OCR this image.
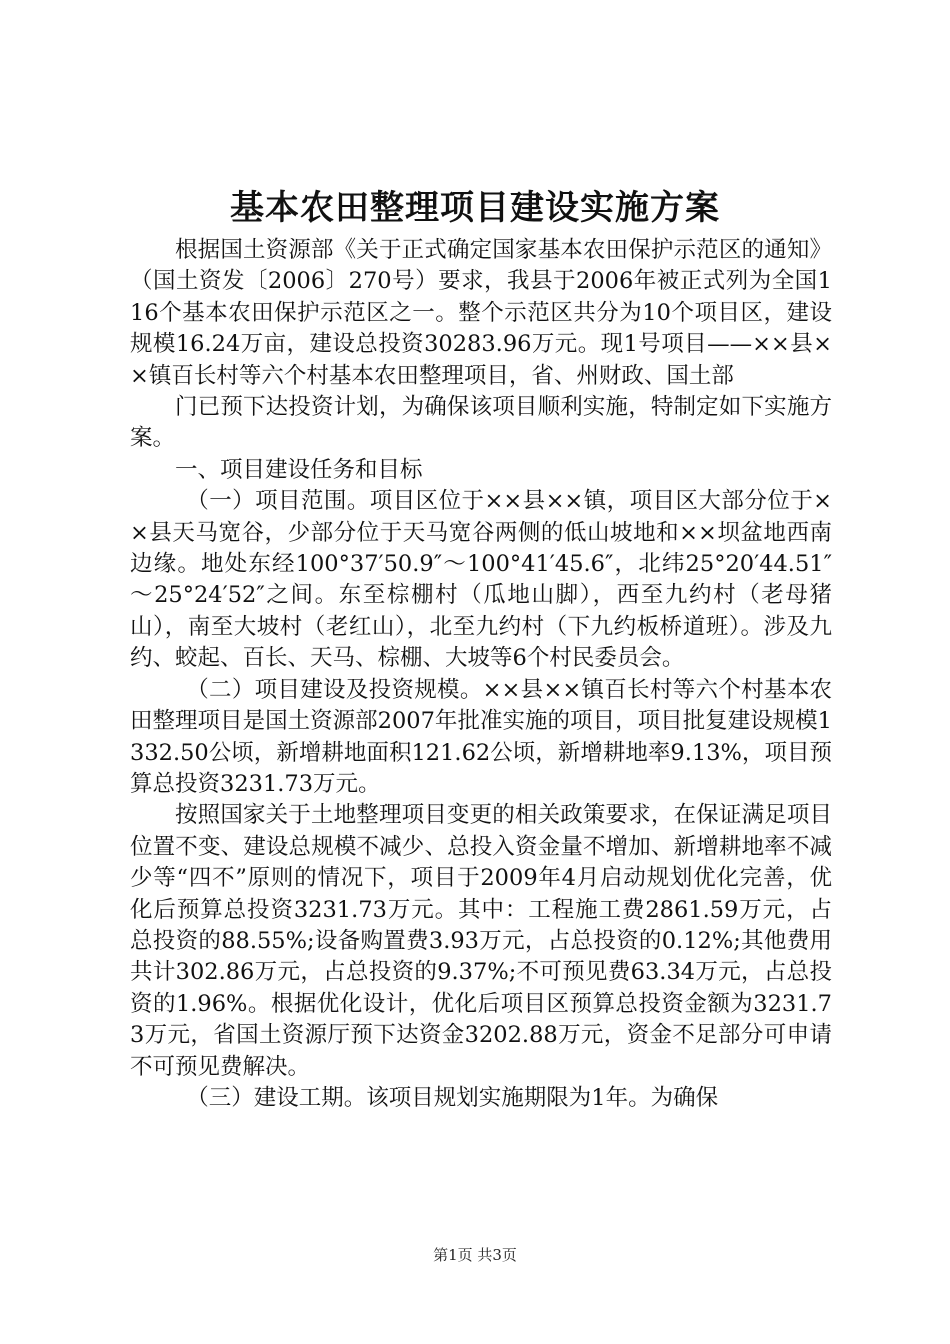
基本农田整理项目建设实施方案

根据国土资源部《关于正式确定国家基本农田保护示范区的通知》（国土资发〔2006〕270号）要求，我县于2006年被正式列为全国116个基本农田保护示范区之一。整个示范区共分为10个项目区，建设规模16.24万亩，建设总投资30283.96万元。现1号项目——××县××镇百长村等六个村基本农田整理项目，省、州财政、国土部

门已预下达投资计划，为确保该项目顺利实施，特制定如下实施方案。

一、项目建设任务和目标

（一）项目范围。项目区位于××县××镇，项目区大部分位于××县天马宽谷，少部分位于天马宽谷两侧的低山坡地和××坝盆地西南边缘。地处东经100°37′50.9″～100°41′45.6″，北纬25°20′44.51″～25°24′52″之间。东至棕棚村（瓜地山脚），西至九约村（老母猪山），南至大坡村（老红山），北至九约村（下九约板桥道班）。涉及九约、蛟起、百长、天马、棕棚、大坡等6个村民委员会。

（二）项目建设及投资规模。××县××镇百长村等六个村基本农田整理项目是国土资源部2007年批准实施的项目，项目批复建设规模1332.50公顷，新增耕地面积121.62公顷，新增耕地率9.13%，项目预算总投资3231.73万元。

按照国家关于土地整理项目变更的相关政策要求，在保证满足项目位置不变、建设总规模不减少、总投入资金量不增加、新增耕地率不减少等“四不”原则的情况下，项目于2009年4月启动规划优化完善，优化后预算总投资3231.73万元。其中：工程施工费2861.59万元，占总投资的88.55%;设备购置费3.93万元，占总投资的0.12%;其他费用共计302.86万元，占总投资的9.37%;不可预见费63.34万元，占总投资的1.96%。根据优化设计，优化后项目区预算总投资金额为3231.73万元，省国土资源厅预下达资金3202.88万元，资金不足部分可申请不可预见费解决。

（三）建设工期。该项目规划实施期限为1年。为确保

第1页 共3页
